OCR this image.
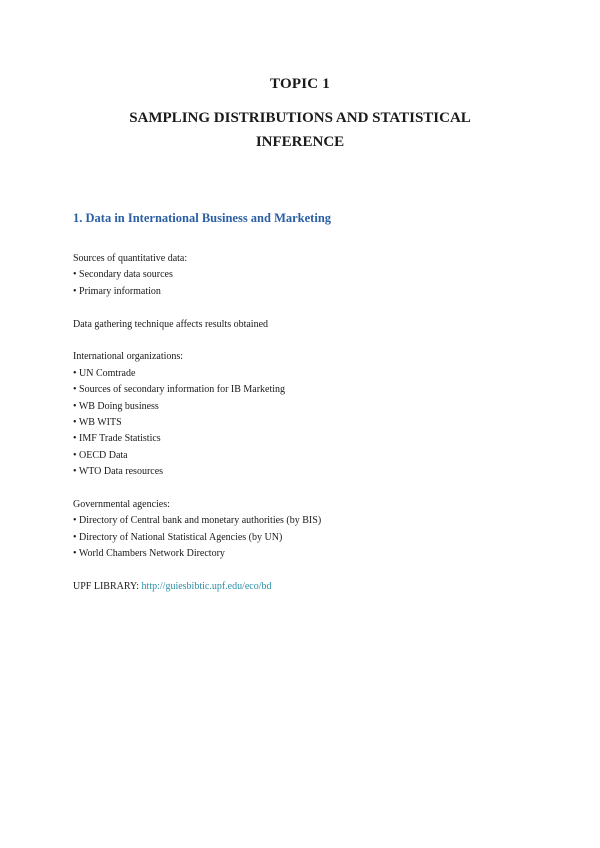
TOPIC 1
SAMPLING DISTRIBUTIONS AND STATISTICAL INFERENCE
1. Data in International Business and Marketing
Sources of quantitative data:
• Secondary data sources
• Primary information
Data gathering technique affects results obtained
International organizations:
• UN Comtrade
• Sources of secondary information for IB Marketing
• WB Doing business
• WB WITS
• IMF Trade Statistics
• OECD Data
• WTO Data resources
Governmental agencies:
• Directory of Central bank and monetary authorities (by BIS)
• Directory of National Statistical Agencies (by UN)
• World Chambers Network Directory
UPF LIBRARY: http://guiesbibtic.upf.edu/eco/bd
